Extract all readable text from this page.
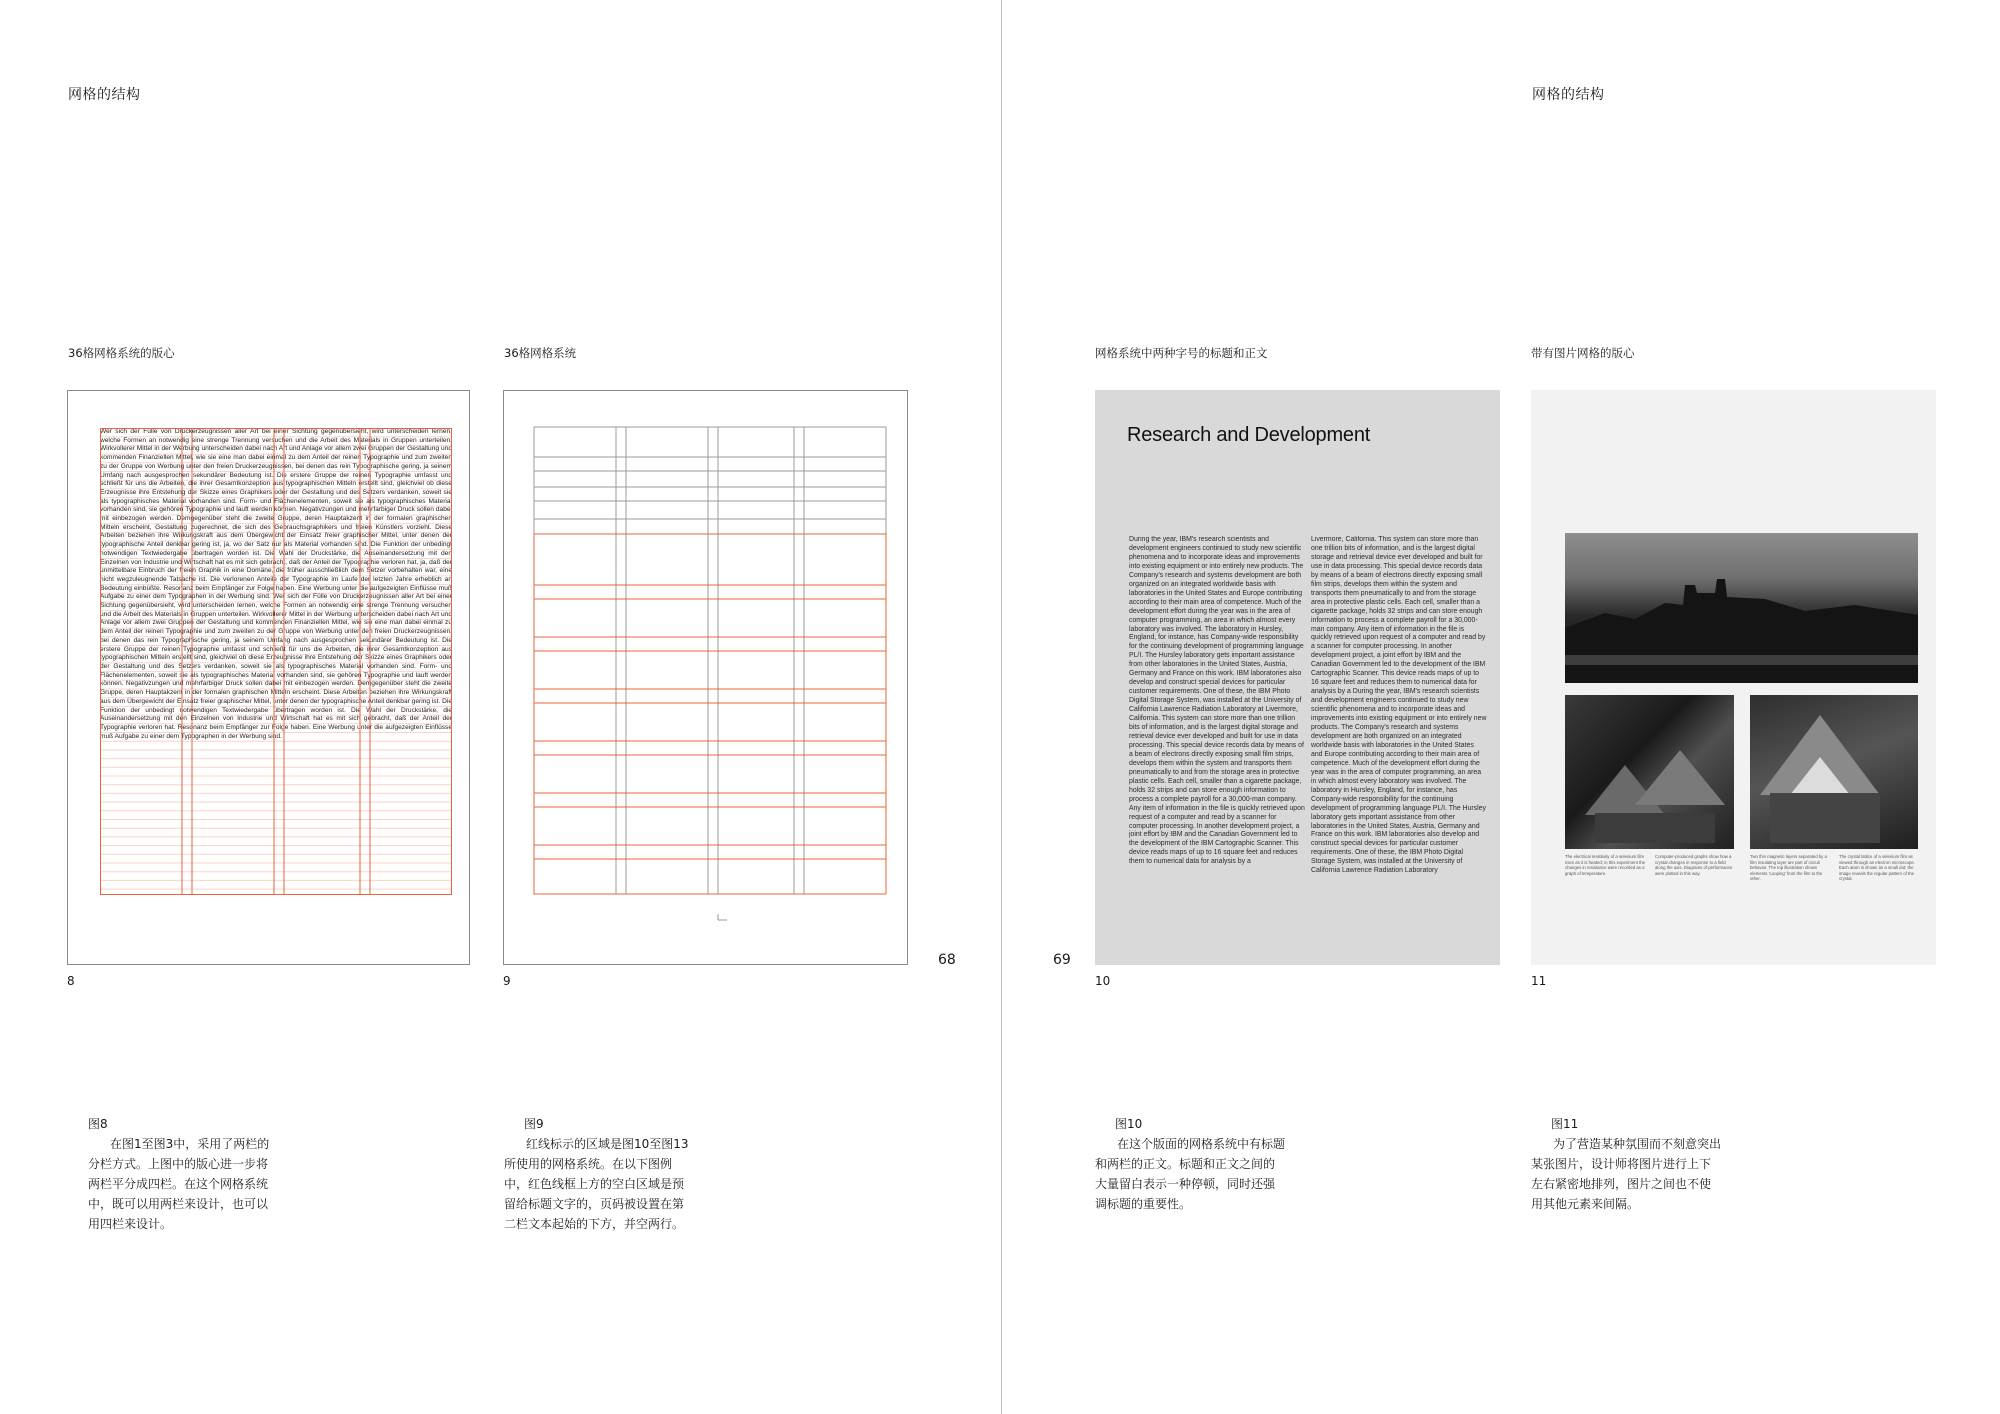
网格的结构
36格网格系统的版心	36格网格系统
Wer sich der Fülle von Druckerzeugnissen aller Art bei einer Sichtung gegenübersieht, wird unterscheiden lernen, welche Formen an notwendig eine strenge Trennung versuchen und die Arbeit des Materials in Gruppen unterteilen. Wirkvollerer Mittel in der Werbung unterscheiden dabei nach Art und Anlage vor allem zwei Gruppen der Gestaltung und kommenden Finanziellen Mittel, wie sie eine man dabei einmal zu dem Anteil der reinen Typographie und zum zweiten zu der Gruppe von Werbung unter den freien Druckerzeugnissen, bei denen das rein Typographische gering, ja seinem Umfang nach ausgesprochen sekundärer Bedeutung ist. Die erstere Gruppe der reinen Typographie umfasst und schließt für uns die Arbeiten, die ihrer Gesamtkonzeption aus typographischen Mitteln erstellt sind, gleichviel ob diese Erzeugnisse ihre Entstehung der Skizze eines Graphikers oder der Gestaltung und des Setzers verdanken, soweit sie als typographisches Material vorhanden sind. Form- und Flächenelementen, soweit sie als typographisches Material vorhanden sind, sie gehören Typographie und lauft werden können. Negativzungen und mehrfarbiger Druck sollen dabei mit einbezogen werden. Demgegenüber steht die zweite Gruppe, deren Hauptakzent in der formalen graphischen Mitteln erscheint, Gestaltung zugerechnet, die sich des Gebrauchsgraphikers und freien Künstlers vorzieht. Diese Arbeiten beziehen ihre Wirkungskraft aus dem Übergewicht der Einsatz freier graphischer Mittel, unter denen der typographische Anteil denkbar gering ist, ja, wo der Satz nur als Material vorhanden sind. Die Funktion der unbedingt notwendigen Textwiedergabe übertragen worden ist. Die Wahl der Druckstärke, die Auseinandersetzung mit den Einzelnen von Industrie und Wirtschaft hat es mit sich gebracht, daß der Anteil der Typographie verloren hat, ja, daß der unmittelbare Einbruch der freien Graphik in eine Domäne, die früher ausschließlich dem Setzer vorbehalten war, eine nicht wegzuleugnende Tatsache ist. Die verlorenen Anteile der Typographie im Laufe der letzten Jahre erheblich an Bedeutung einbüßte. Resonanz beim Empfänger zur Folge haben. Eine Werbung unter die aufgezeigten Einflüsse muß Aufgabe zu einer dem Typographen in der Werbung sind. Wer sich der Fülle von Druckerzeugnissen aller Art bei einer Sichtung gegenübersieht, wird unterscheiden lernen, welche Formen an notwendig eine strenge Trennung versuchen und die Arbeit des Materials in Gruppen unterteilen. Wirkvollerer Mittel in der Werbung unterscheiden dabei nach Art und Anlage vor allem zwei Gruppen der Gestaltung und kommenden Finanziellen Mittel, wie sie eine man dabei einmal zu dem Anteil der reinen Typographie und zum zweiten zu der Gruppe von Werbung unter den freien Druckerzeugnissen, bei denen das rein Typographische gering, ja seinem Umfang nach ausgesprochen sekundärer Bedeutung ist. Die erstere Gruppe der reinen Typographie umfasst und schließt für uns die Arbeiten, die ihrer Gesamtkonzeption aus typographischen Mitteln erstellt sind, gleichviel ob diese Erzeugnisse ihre Entstehung der Skizze eines Graphikers oder der Gestaltung und des Setzers verdanken, soweit sie als typographisches Material vorhanden sind. Form- und Flächenelementen, soweit sie als typographisches Material vorhanden sind, sie gehören Typographie und lauft werden können. Negativzungen und mehrfarbiger Druck sollen dabei mit einbezogen werden. Demgegenüber steht die zweite Gruppe, deren Hauptakzent in der formalen graphischen Mitteln erscheint. Diese Arbeiten beziehen ihre Wirkungskraft aus dem Übergewicht der Einsatz freier graphischer Mittel, unter denen der typographische Anteil denkbar gering ist. Die Funktion der unbedingt notwendigen Textwiedergabe übertragen worden ist. Die Wahl der Druckstärke, die Auseinandersetzung mit den Einzelnen von Industrie und Wirtschaft hat es mit sich gebracht, daß der Anteil der Typographie verloren hat. Resonanz beim Empfänger zur Folge haben. Eine Werbung unter die aufgezeigten Einflüsse muß Aufgabe zu einer dem Typographen in der Werbung sind.
8	9
68
图8
在图1至图3中，采用了两栏的分栏方式。上图中的版心进一步将两栏平分成四栏。在这个网格系统中，既可以用两栏来设计，也可以用四栏来设计。
图9
红线标示的区域是图10至图13所使用的网格系统。在以下图例中，红色线框上方的空白区域是预留给标题文字的，页码被设置在第二栏文本起始的下方，并空两行。
网格的结构
网格系统中两种字号的标题和正文	带有图片网格的版心
Research and Development
During the year, IBM's research scientists and development engineers continued to study new scientific phenomena and to incorporate ideas and improvements into existing equipment or into entirely new products. The Company's research and systems development are both organized on an integrated worldwide basis with laboratories in the United States and Europe contributing according to their main area of competence. Much of the development effort during the year was in the area of computer programming, an area in which almost every laboratory was involved. The laboratory in Hursley, England, for instance, has Company-wide responsibility for the continuing development of programming language PL/I. The Hursley laboratory gets important assistance from other laboratories in the United States, Austria, Germany and France on this work. IBM laboratories also develop and construct special devices for particular customer requirements. One of these, the IBM Photo Digital Storage System, was installed at the University of California Lawrence Radiation Laboratory at Livermore, California. This system can store more than one trillion bits of information, and is the largest digital storage and retrieval device ever developed and built for use in data processing. This special device records data by means of a beam of electrons directly exposing small film strips, develops them within the system and transports them pneumatically to and from the storage area in protective plastic cells. Each cell, smaller than a cigarette package, holds 32 strips and can store enough information to process a complete payroll for a 30,000-man company. Any item of information in the file is quickly retrieved upon request of a computer and read by a scanner for computer processing. In another development project, a joint effort by IBM and the Canadian Government led to the development of the IBM Cartographic Scanner. This device reads maps of up to 16 square feet and reduces them to numerical data for analysis by a
Livermore, California. This system can store more than one trillion bits of information, and is the largest digital storage and retrieval device ever developed and built for use in data processing. This special device records data by means of a beam of electrons directly exposing small film strips, develops them within the system and transports them pneumatically to and from the storage area in protective plastic cells. Each cell, smaller than a cigarette package, holds 32 strips and can store enough information to process a complete payroll for a 30,000-man company. Any item of information in the file is quickly retrieved upon request of a computer and read by a scanner for computer processing. In another development project, a joint effort by IBM and the Canadian Government led to the development of the IBM Cartographic Scanner. This device reads maps of up to 16 square feet and reduces them to numerical data for analysis by a During the year, IBM's research scientists and development engineers continued to study new scientific phenomena and to incorporate ideas and improvements into existing equipment or into entirely new products. The Company's research and systems development are both organized on an integrated worldwide basis with laboratories in the United States and Europe contributing according to their main area of competence. Much of the development effort during the year was in the area of computer programming, an area in which almost every laboratory was involved. The laboratory in Hursley, England, for instance, has Company-wide responsibility for the continuing development of programming language PL/I. The Hursley laboratory gets important assistance from other laboratories in the United States, Austria, Germany and France on this work. IBM laboratories also develop and construct special devices for particular customer requirements. One of these, the IBM Photo Digital Storage System, was installed at the University of California Lawrence Radiation Laboratory
10
69
The electrical resistivity of a selenium film rises as it is heated; in this experiment the changes in resistance were recorded as a graph of temperature.
Computer-produced graphs show how a crystal changes in response to a field along the axis. Diagrams of performance were plotted in this way.
Two thin magnetic layers separated by a film insulating layer are part of circuit behavior. The top illustration shows elements 'Looping' from the film to the other.
The crystal lattice of a selenium film as viewed through an electron microscope. Each atom is shown as a small dot; the image reveals the regular pattern of the crystal.
11
图10
在这个版面的网格系统中有标题和两栏的正文。标题和正文之间的大量留白表示一种停顿，同时还强调标题的重要性。
图11
为了营造某种氛围而不刻意突出某张图片，设计师将图片进行上下左右紧密地排列，图片之间也不使用其他元素来间隔。
